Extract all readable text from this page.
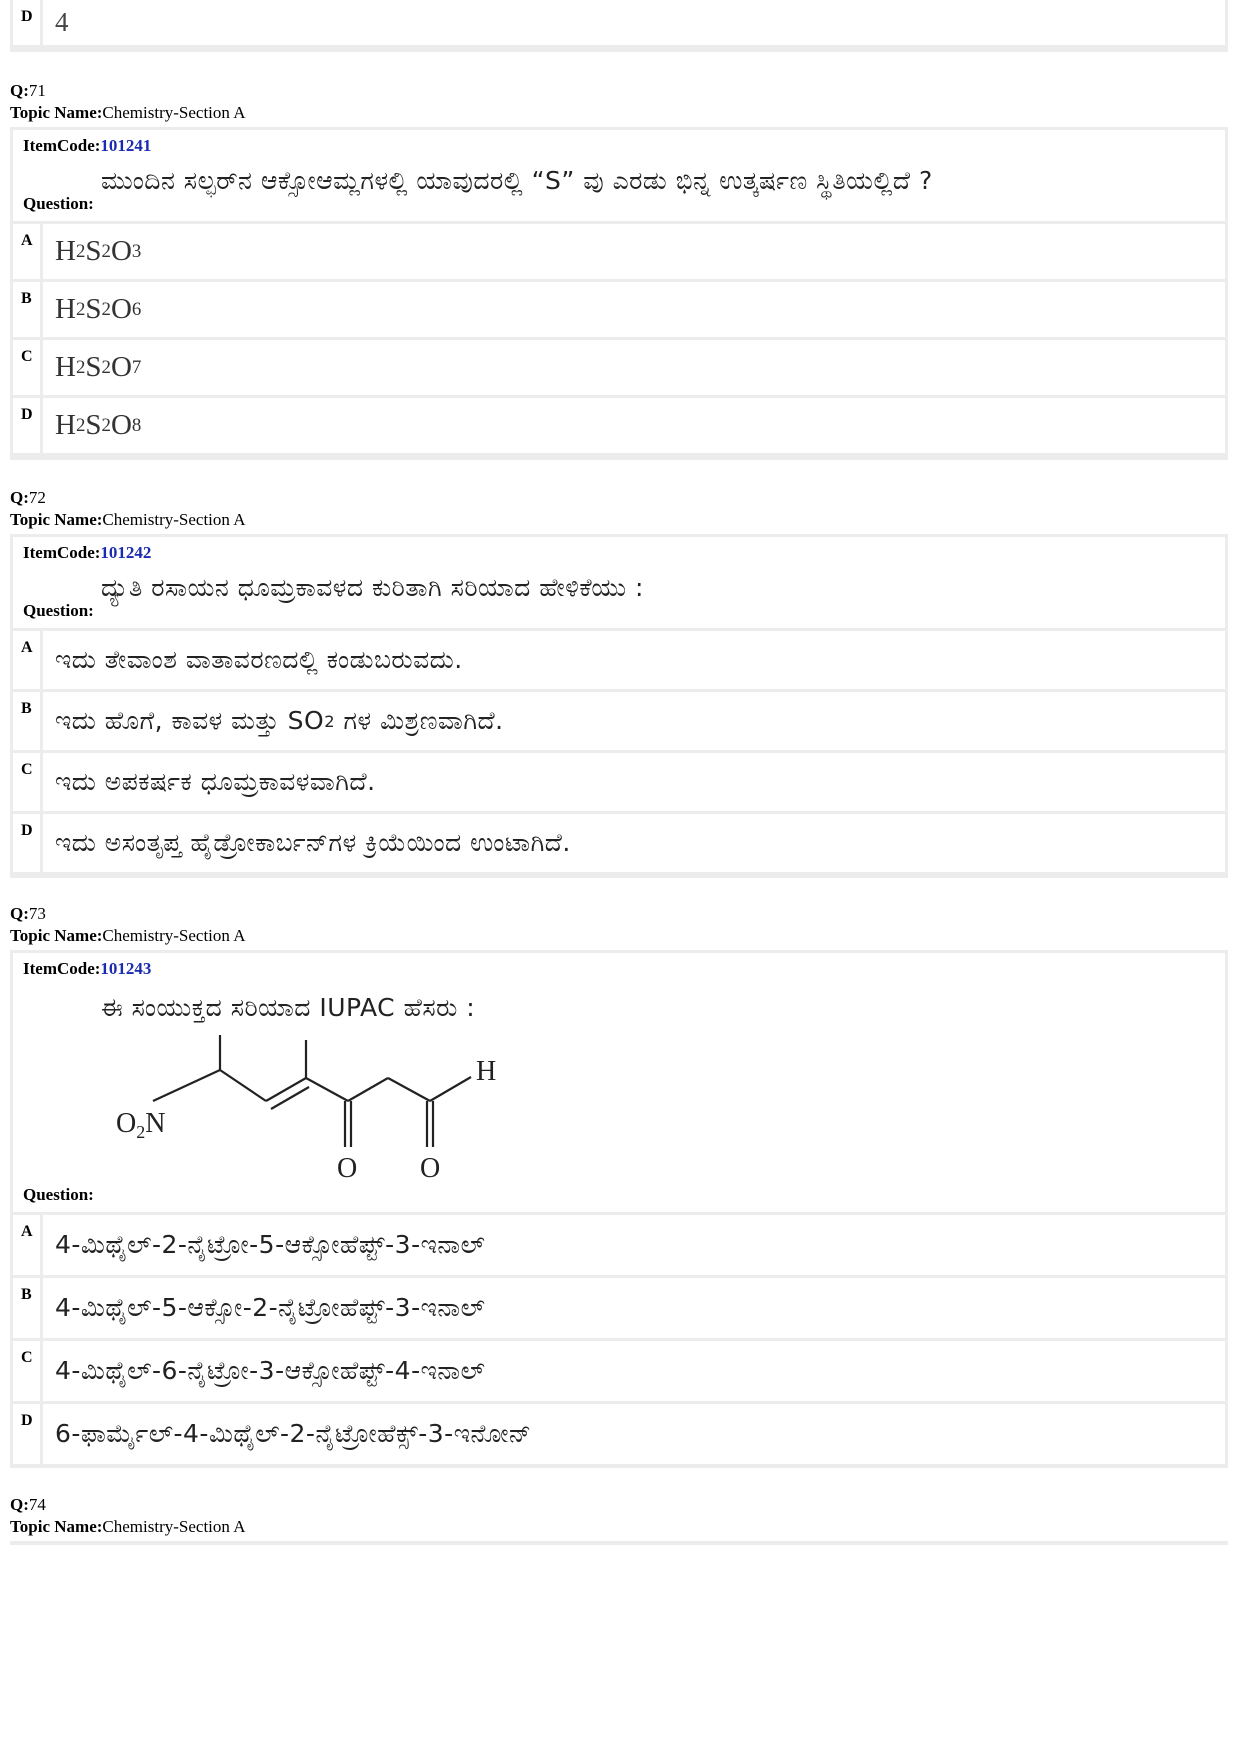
D 4
Q:71
Topic Name:Chemistry-Section A
ItemCode:101241
ಮುಂದಿನ ಸಲ್ಫರ್‌ನ ಆಕ್ಸೋಆಮ್ಲಗಳಲ್ಲಿ ಯಾವುದರಲ್ಲಿ “S” ವು ಎರಡು ಭಿನ್ನ ಉತ್ಕರ್ಷಣ ಸ್ಥಿತಿಯಲ್ಲಿದೆ ?
Question:
A H 2 S 2 O 3
B H 2 S 2 O 6
C H 2 S 2 O 7
D H 2 S 2 O 8
Q:72
Topic Name:Chemistry-Section A
ItemCode:101242
ದ್ಯುತಿ ರಸಾಯನ ಧೂಮ್ರಕಾವಳದ ಕುರಿತಾಗಿ ಸರಿಯಾದ ಹೇಳಿಕೆಯು :
Question:
A ಇದು ತೇವಾಂಶ ವಾತಾವರಣದಲ್ಲಿ ಕಂಡುಬರುವದು.
B ಇದು ಹೊಗೆ, ಕಾವಳ ಮತ್ತು SO 2 ಗಳ ಮಿಶ್ರಣವಾಗಿದೆ.
C ಇದು ಅಪಕರ್ಷಕ ಧೂಮ್ರಕಾವಳವಾಗಿದೆ.
D ಇದು ಅಸಂತೃಪ್ತ ಹೈಡ್ರೋಕಾರ್ಬನ್‌ಗಳ ಕ್ರಿಯೆಯಿಂದ ಉಂಟಾಗಿದೆ.
Q:73
Topic Name:Chemistry-Section A
ItemCode:101243
ಈ ಸಂಯುಕ್ತದ ಸರಿಯಾದ IUPAC ಹೆಸರು :
$O_2N$
H
O O
Question:
A 4-ಮಿಥೈಲ್-2-ನೈಟ್ರೋ-5-ಆಕ್ಸೋಹೆಪ್ಟ್-3-ಇನಾಲ್
B 4-ಮಿಥೈಲ್-5-ಆಕ್ಸೋ-2-ನೈಟ್ರೋಹೆಪ್ಟ್-3-ಇನಾಲ್
C 4-ಮಿಥೈಲ್-6-ನೈಟ್ರೋ-3-ಆಕ್ಸೋಹೆಪ್ಟ್-4-ಇನಾಲ್
D 6-ಫಾರ್ಮೈಲ್-4-ಮಿಥೈಲ್-2-ನೈಟ್ರೋಹೆಕ್ಸ್-3-ಇನೋನ್
Q:74
Topic Name:Chemistry-Section A
